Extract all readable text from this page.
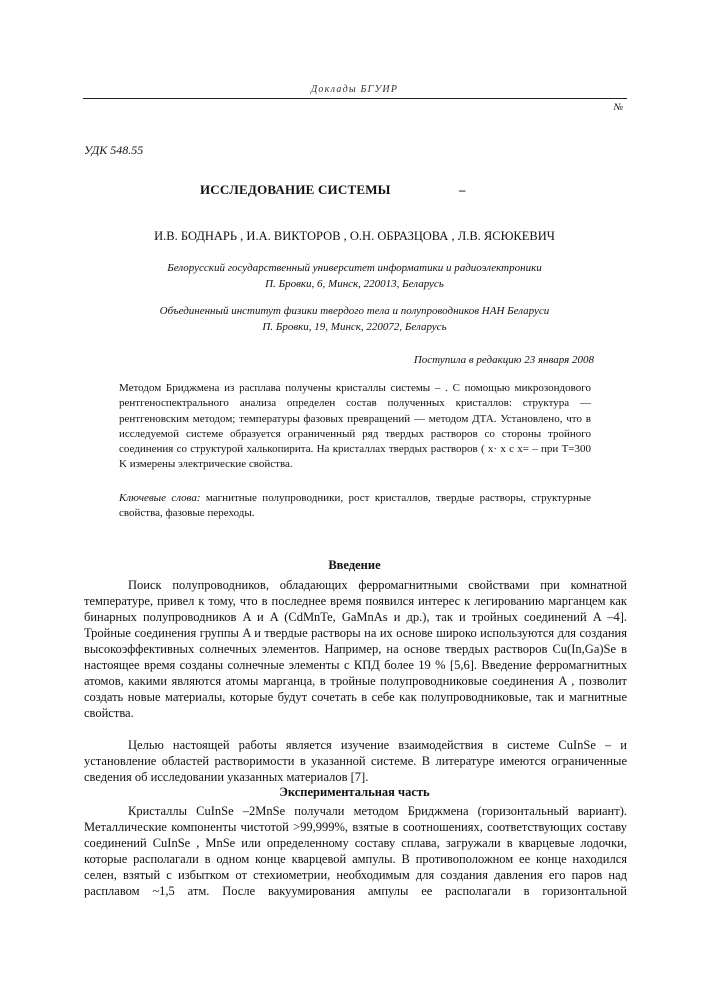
Доклады БГУИР
№
УДК 548.55
ИССЛЕДОВАНИЕ СИСТЕМЫ	–
И.В. БОДНАРЬ , И.А. ВИКТОРОВ , О.Н. ОБРАЗЦОВА , Л.В. ЯСЮКЕВИЧ
Белорусский государственный университет информатики и радиоэлектроники
П. Бровки, 6, Минск, 220013, Беларусь
Объединенный институт физики твердого тела и полупроводников НАН Беларуси
П. Бровки, 19, Минск, 220072, Беларусь
Поступила в редакцию 23 января 2008

Методом Бриджмена из расплава получены кристаллы системы – . С помощью микрозондового рентгеноспектрального анализа определен состав полученных кристаллов: структура — рентгеновским методом; температуры фазовых превращений — методом ДТА. Установлено, что в исследуемой системе образуется ограниченный ряд твердых растворов со стороны тройного соединения со структурой халькопирита. На кристаллах твердых растворов ( x· x с x= – при T=300 K измерены электрические свойства.

Ключевые слова: магнитные полупроводники, рост кристаллов, твердые растворы, структурные свойства, фазовые переходы.
Введение

Поиск полупроводников, обладающих ферромагнитными свойствами при комнатной температуре, привел к тому, что в последнее время появился интерес к легированию марганцем как бинарных полупроводников A и A (CdMnTe, GaMnAs и др.), так и тройных соединений A –4]. Тройные соединения группы A и твердые растворы на их основе широко используются для создания высокоэффективных солнечных элементов. Например, на основе твердых растворов Cu(In,Ga)Se в настоящее время созданы солнечные элементы с КПД более 19 % [5,6]. Введение ферромагнитных атомов, какими являются атомы марганца, в тройные полупроводниковые соединения A , позволит создать новые материалы, которые будут сочетать в себе как полупроводниковые, так и магнитные свойства.

Целью настоящей работы является изучение взаимодействия в системе CuInSe – и установление областей растворимости в указанной системе. В литературе имеются ограниченные сведения об исследовании указанных материалов [7].

Экспериментальная часть

Кристаллы CuInSe –2MnSe получали методом Бриджмена (горизонтальный вариант). Металлические компоненты чистотой >99,999%, взятые в соотношениях, соответствующих составу соединений CuInSe , MnSe или определенному составу сплава, загружали в кварцевые лодочки, которые располагали в одном конце кварцевой ампулы. В противоположном ее конце находился селен, взятый с избытком от стехиометрии, необходимым для создания давления его паров над расплавом ~1,5 атм. После вакуумирования ампулы ее располагали в горизонтальной
